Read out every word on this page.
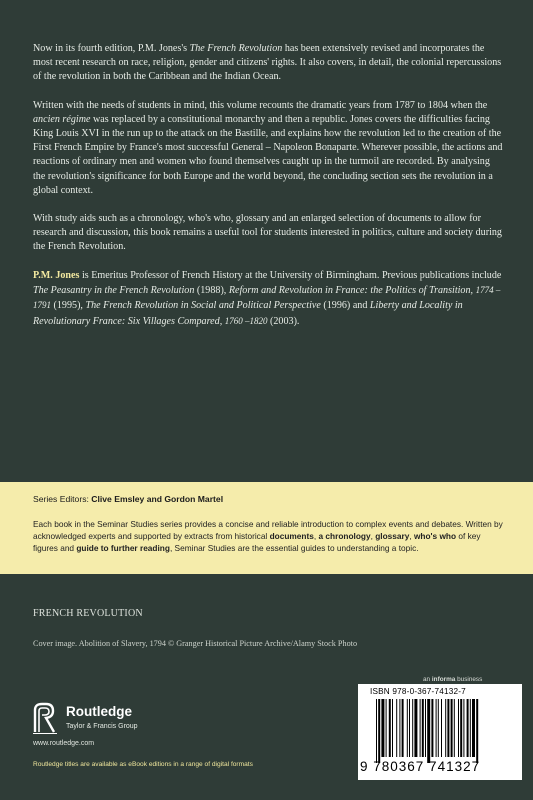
Now in its fourth edition, P.M. Jones's The French Revolution has been extensively revised and incorporates the most recent research on race, religion, gender and citizens' rights. It also covers, in detail, the colonial repercussions of the revolution in both the Caribbean and the Indian Ocean.

Written with the needs of students in mind, this volume recounts the dramatic years from 1787 to 1804 when the ancien régime was replaced by a constitutional monarchy and then a republic. Jones covers the difficulties facing King Louis XVI in the run up to the attack on the Bastille, and explains how the revolution led to the creation of the First French Empire by France's most successful General – Napoleon Bonaparte. Wherever possible, the actions and reactions of ordinary men and women who found themselves caught up in the turmoil are recorded. By analysing the revolution's significance for both Europe and the world beyond, the concluding section sets the revolution in a global context.

With study aids such as a chronology, who's who, glossary and an enlarged selection of documents to allow for research and discussion, this book remains a useful tool for students interested in politics, culture and society during the French Revolution.

P.M. Jones is Emeritus Professor of French History at the University of Birmingham. Previous publications include The Peasantry in the French Revolution (1988), Reform and Revolution in France: the Politics of Transition, 1774 –1791 (1995), The French Revolution in Social and Political Perspective (1996) and Liberty and Locality in Revolutionary France: Six Villages Compared, 1760 –1820 (2003).

Series Editors: Clive Emsley and Gordon Martel
Each book in the Seminar Studies series provides a concise and reliable introduction to complex events and debates. Written by acknowledged experts and supported by extracts from historical documents, a chronology, glossary, who's who of key figures and guide to further reading, Seminar Studies are the essential guides to understanding a topic.
FRENCH REVOLUTION
Cover image. Abolition of Slavery, 1794 © Granger Historical Picture Archive/Alamy Stock Photo
an informa business
Routledge
Taylor & Francis Group
www.routledge.com
ISBN 978-0-367-74132-7
9 780367 741327
Routledge titles are available as eBook editions in a range of digital formats
